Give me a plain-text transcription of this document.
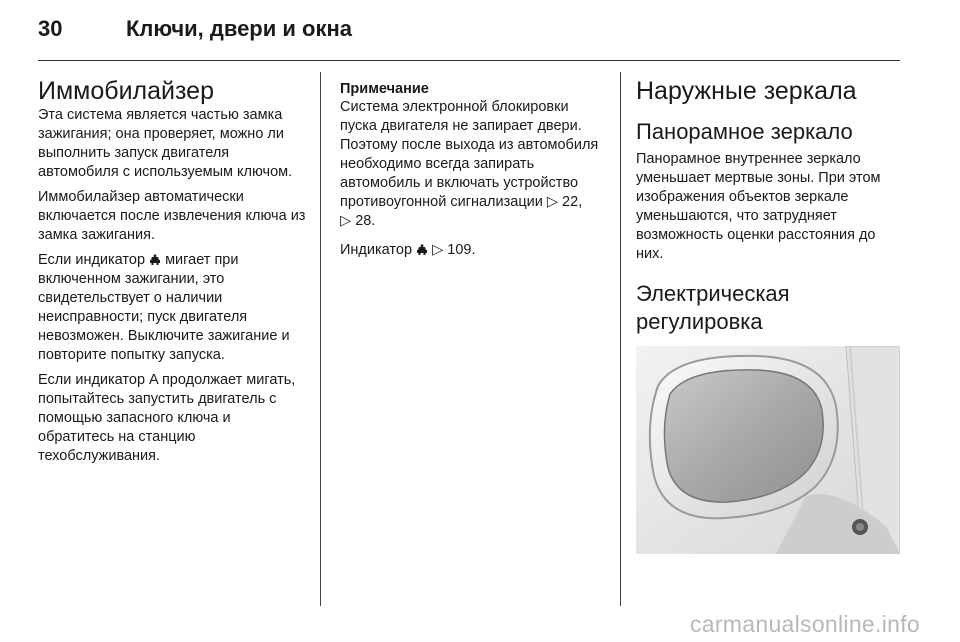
30	Ключи, двери и окна
Иммобилайзер

Эта система является частью замка зажигания; она проверяет, можно ли выполнить запуск двигателя автомобиля с используемым ключом.

Иммобилайзер автоматически включается после извлечения ключа из замка зажигания.

Если индикатор  мигает при включенном зажигании, это свидетельствует о наличии неисправности; пуск двигателя невозможен. Выключите зажигание и повторите попытку запуска.

Если индикатор A продолжает мигать, попытайтесь запустить двигатель с помощью запасного ключа и обратитесь на станцию техобслуживания.

Примечание

Система электронной блокировки пуска двигателя не запирает двери. Поэтому после выхода из автомобиля необходимо всегда запирать автомобиль и включать устройство противоугонной сигнализации ▷ 22, ▷ 28.

Индикатор  ▷ 109.

Наружные зеркала
Панорамное зеркало

Панорамное внутреннее зеркало уменьшает мертвые зоны. При этом изображения объектов зеркале уменьшаются, что затрудняет возможность оценки расстояния до них.

Электрическая регулировка
carmanualsonline.info
